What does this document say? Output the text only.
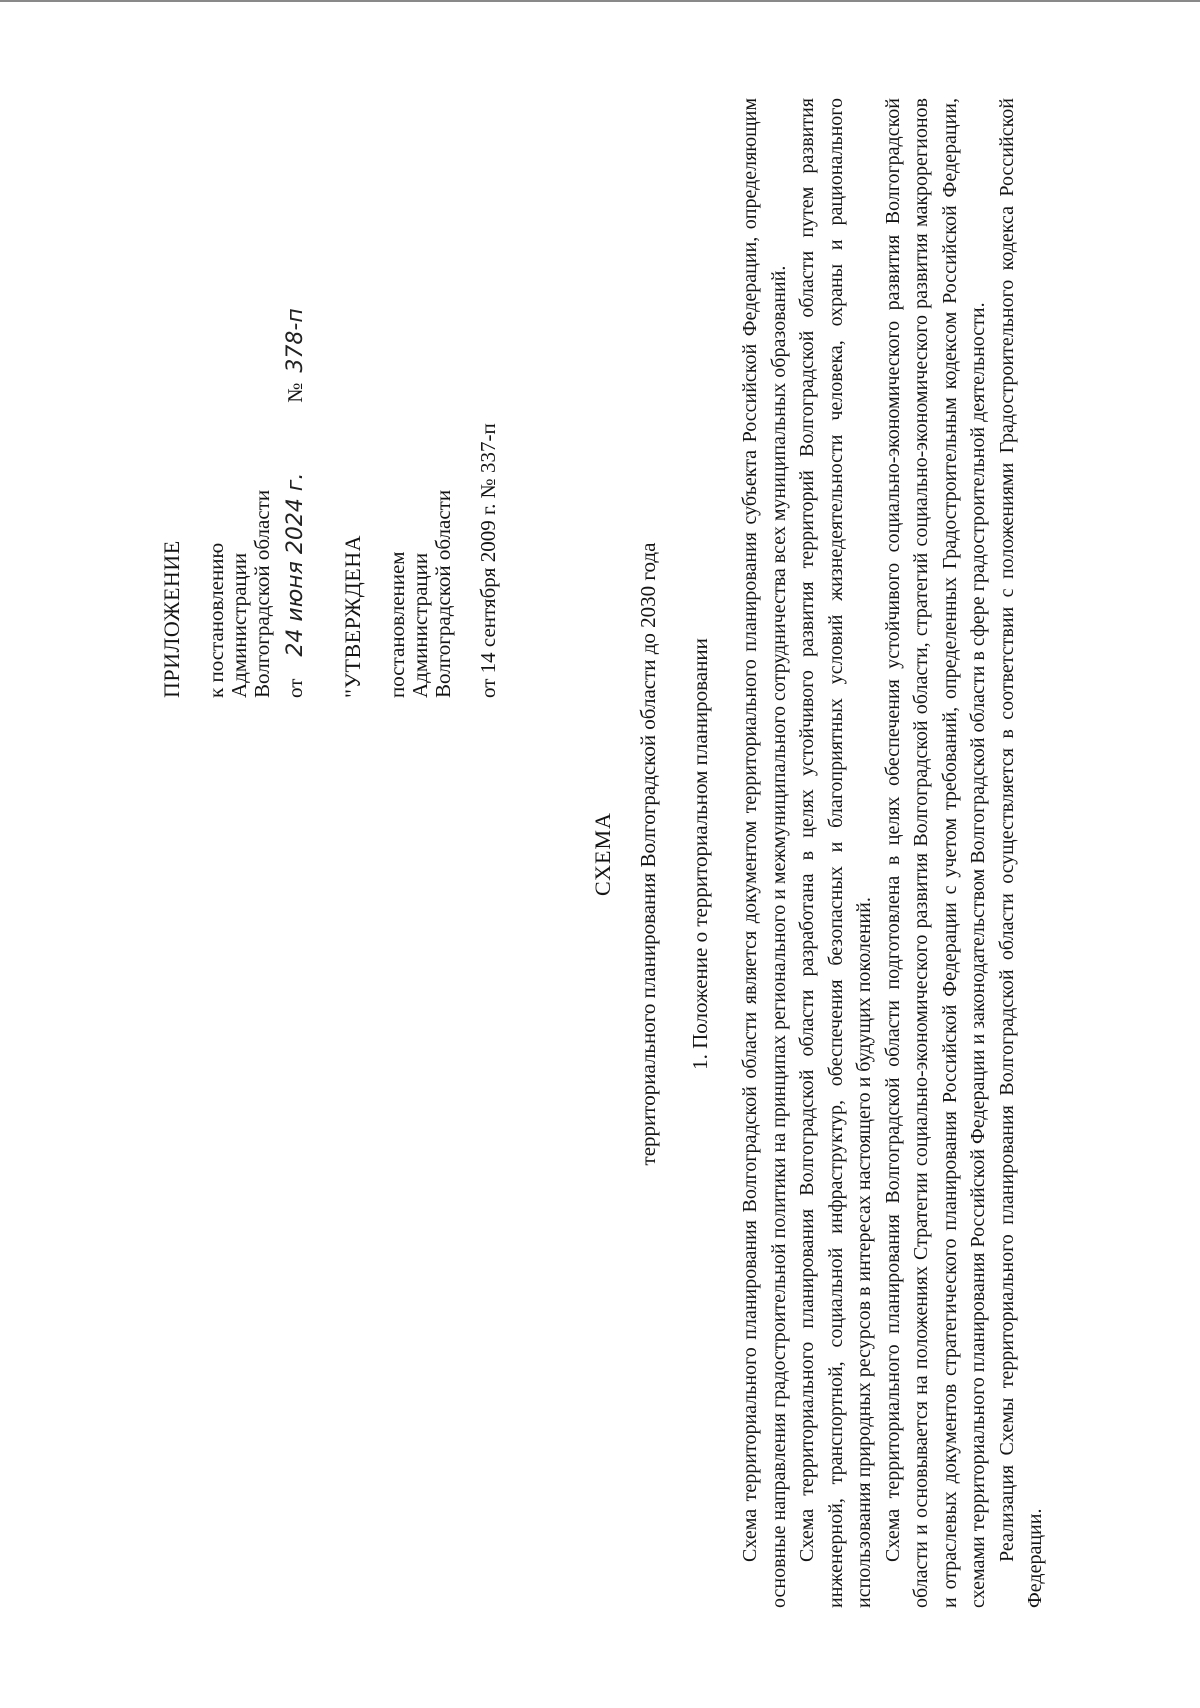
ПРИЛОЖЕНИЕ к постановлению Администрации Волгоградской области от
24 июня 2024 г.
№
378-п
"УТВЕРЖДЕНА постановлением Администрации Волгоградской области от 14 сентября 2009 г. № 337-п
СХЕМА территориального планирования Волгоградской области до 2030 года 1. Положение о территориальном планировании Схема территориального планирования Волгоградской области является документом территориального планирования субъекта Российской Федерации, определяющим основные направления градостроительной политики на принципах регионального и межмуниципального сотрудничества всех муниципальных образований. Схема территориального планирования Волгоградской области разработана в целях устойчивого развития территорий Волгоградской области путем развития инженерной, транспортной, социальной инфраструктур, обеспечения безопасных и благоприятных условий жизнедеятельности человека, охраны и рационального использования природных ресурсов в интересах настоящего и будущих поколений. Схема территориального планирования Волгоградской области подготовлена в целях обеспечения устойчивого социально-экономического развития Волгоградской области и основывается на положениях Стратегии социально-экономического развития Волгоградской области, стратегий социально-экономического развития макрорегионов и отраслевых документов стратегического планирования Российской Федерации с учетом требований, определенных Градостроительным кодексом Российской Федерации, схемами территориального планирования Российской Федерации и законодательством Волгоградской области в сфере градостроительной деятельности. Реализация Схемы территориального планирования Волгоградской области осуществляется в соответствии с положениями Градостроительного кодекса Российской Федерации.
